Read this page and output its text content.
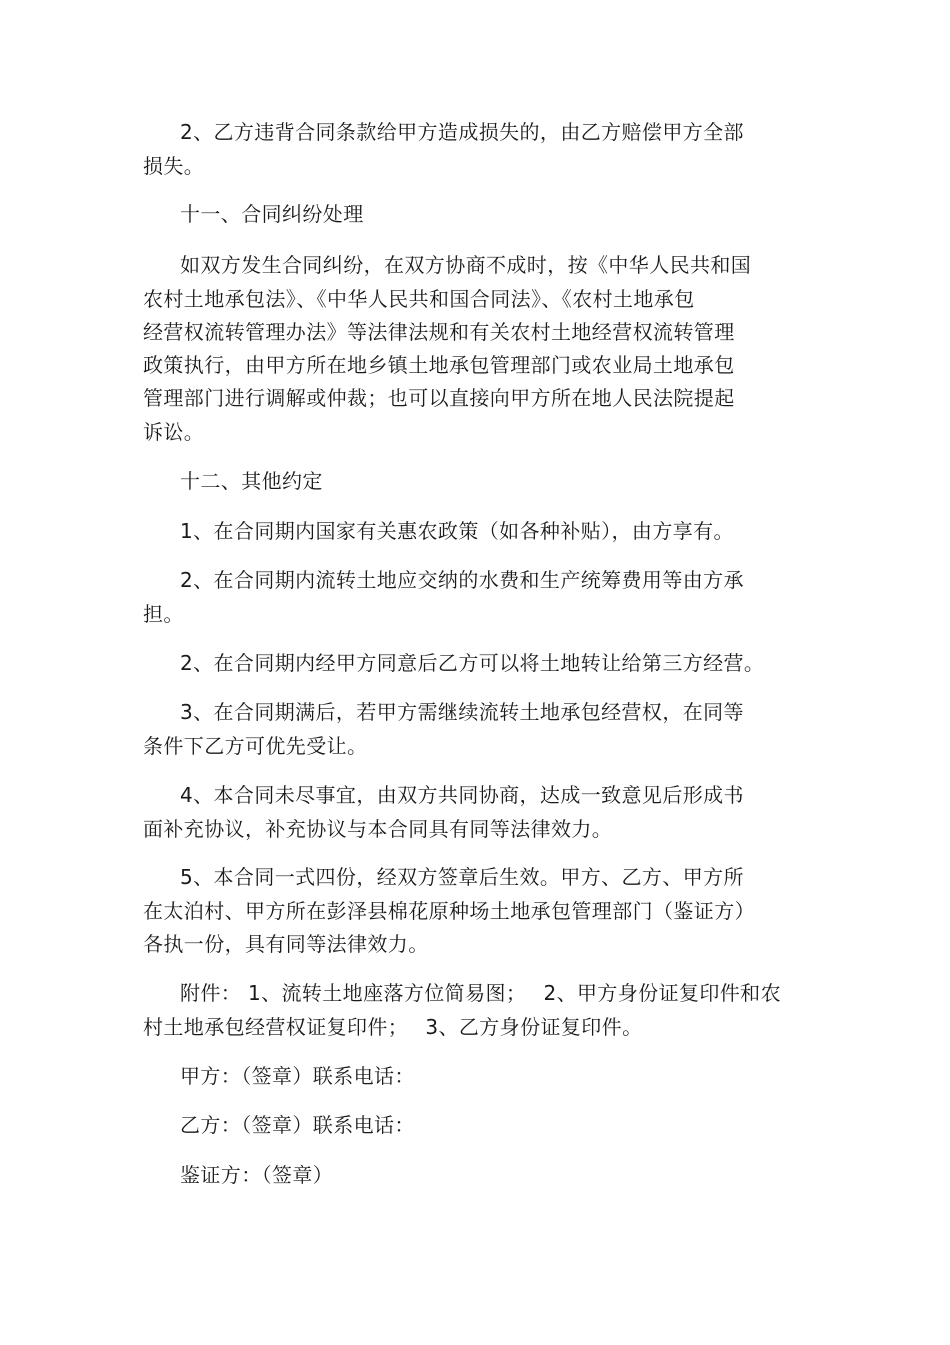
2、乙方违背合同条款给甲方造成损失的，由乙方赔偿甲方全部
损失。
十一、合同纠纷处理
如双方发生合同纠纷，在双方协商不成时，按《中华人民共和国
农村土地承包法》、《中华人民共和国合同法》、《农村土地承包
经营权流转管理办法》等法律法规和有关农村土地经营权流转管理
政策执行，由甲方所在地乡镇土地承包管理部门或农业局土地承包
管理部门进行调解或仲裁；也可以直接向甲方所在地人民法院提起
诉讼。
十二、其他约定
1、在合同期内国家有关惠农政策（如各种补贴），由方享有。
2、在合同期内流转土地应交纳的水费和生产统筹费用等由方承
担。
2、在合同期内经甲方同意后乙方可以将土地转让给第三方经营。
3、在合同期满后，若甲方需继续流转土地承包经营权，在同等
条件下乙方可优先受让。
4、本合同未尽事宜，由双方共同协商，达成一致意见后形成书
面补充协议，补充协议与本合同具有同等法律效力。
5、本合同一式四份，经双方签章后生效。甲方、乙方、甲方所
在太泊村、甲方所在彭泽县棉花原种场土地承包管理部门（鉴证方）
各执一份，具有同等法律效力。
附件： 1、流转土地座落方位简易图；　 2、甲方身份证复印件和农
村土地承包经营权证复印件；　 3、乙方身份证复印件。
甲方：（签章）联系电话：
乙方：（签章）联系电话：
鉴证方：（签章）
